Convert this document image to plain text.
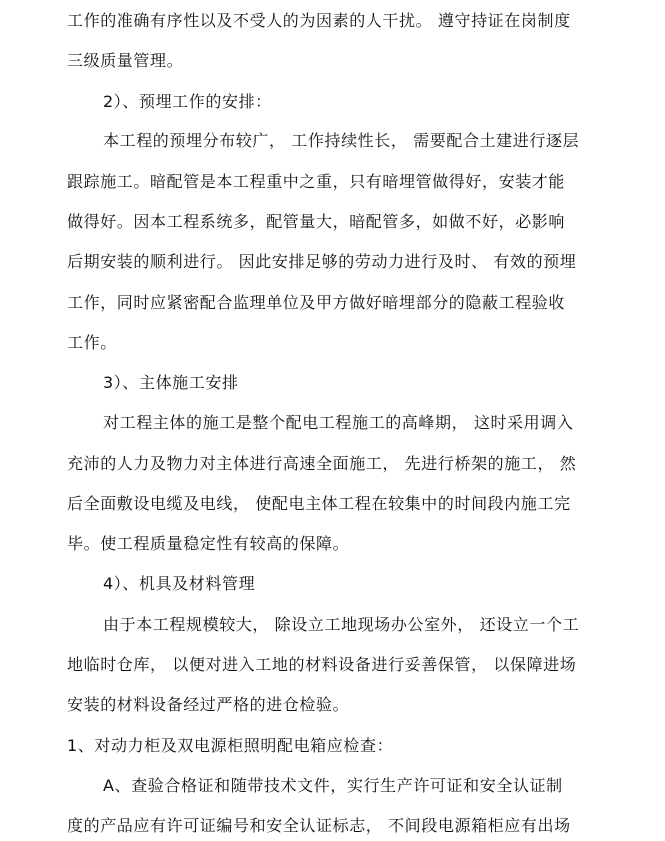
工作的准确有序性以及不受人的为因素的人干扰。 遵守持证在岗制度
三级质量管理。
2）、预埋工作的安排：
本工程的预埋分布较广， 工作持续性长， 需要配合土建进行逐层
跟踪施工。暗配管是本工程重中之重，只有暗埋管做得好，安装才能
做得好。因本工程系统多，配管量大，暗配管多，如做不好，必影响
后期安装的顺利进行。 因此安排足够的劳动力进行及时、 有效的预埋
工作，同时应紧密配合监理单位及甲方做好暗埋部分的隐蔽工程验收
工作。
3）、主体施工安排
对工程主体的施工是整个配电工程施工的高峰期， 这时采用调入
充沛的人力及物力对主体进行高速全面施工， 先进行桥架的施工， 然
后全面敷设电缆及电线， 使配电主体工程在较集中的时间段内施工完
毕。使工程质量稳定性有较高的保障。
4）、机具及材料管理
由于本工程规模较大， 除设立工地现场办公室外， 还设立一个工
地临时仓库， 以便对进入工地的材料设备进行妥善保管， 以保障进场
安装的材料设备经过严格的进仓检验。
1、对动力柜及双电源柜照明配电箱应检查：
A、查验合格证和随带技术文件，实行生产许可证和安全认证制
度的产品应有许可证编号和安全认证标志， 不间段电源箱柜应有出场
